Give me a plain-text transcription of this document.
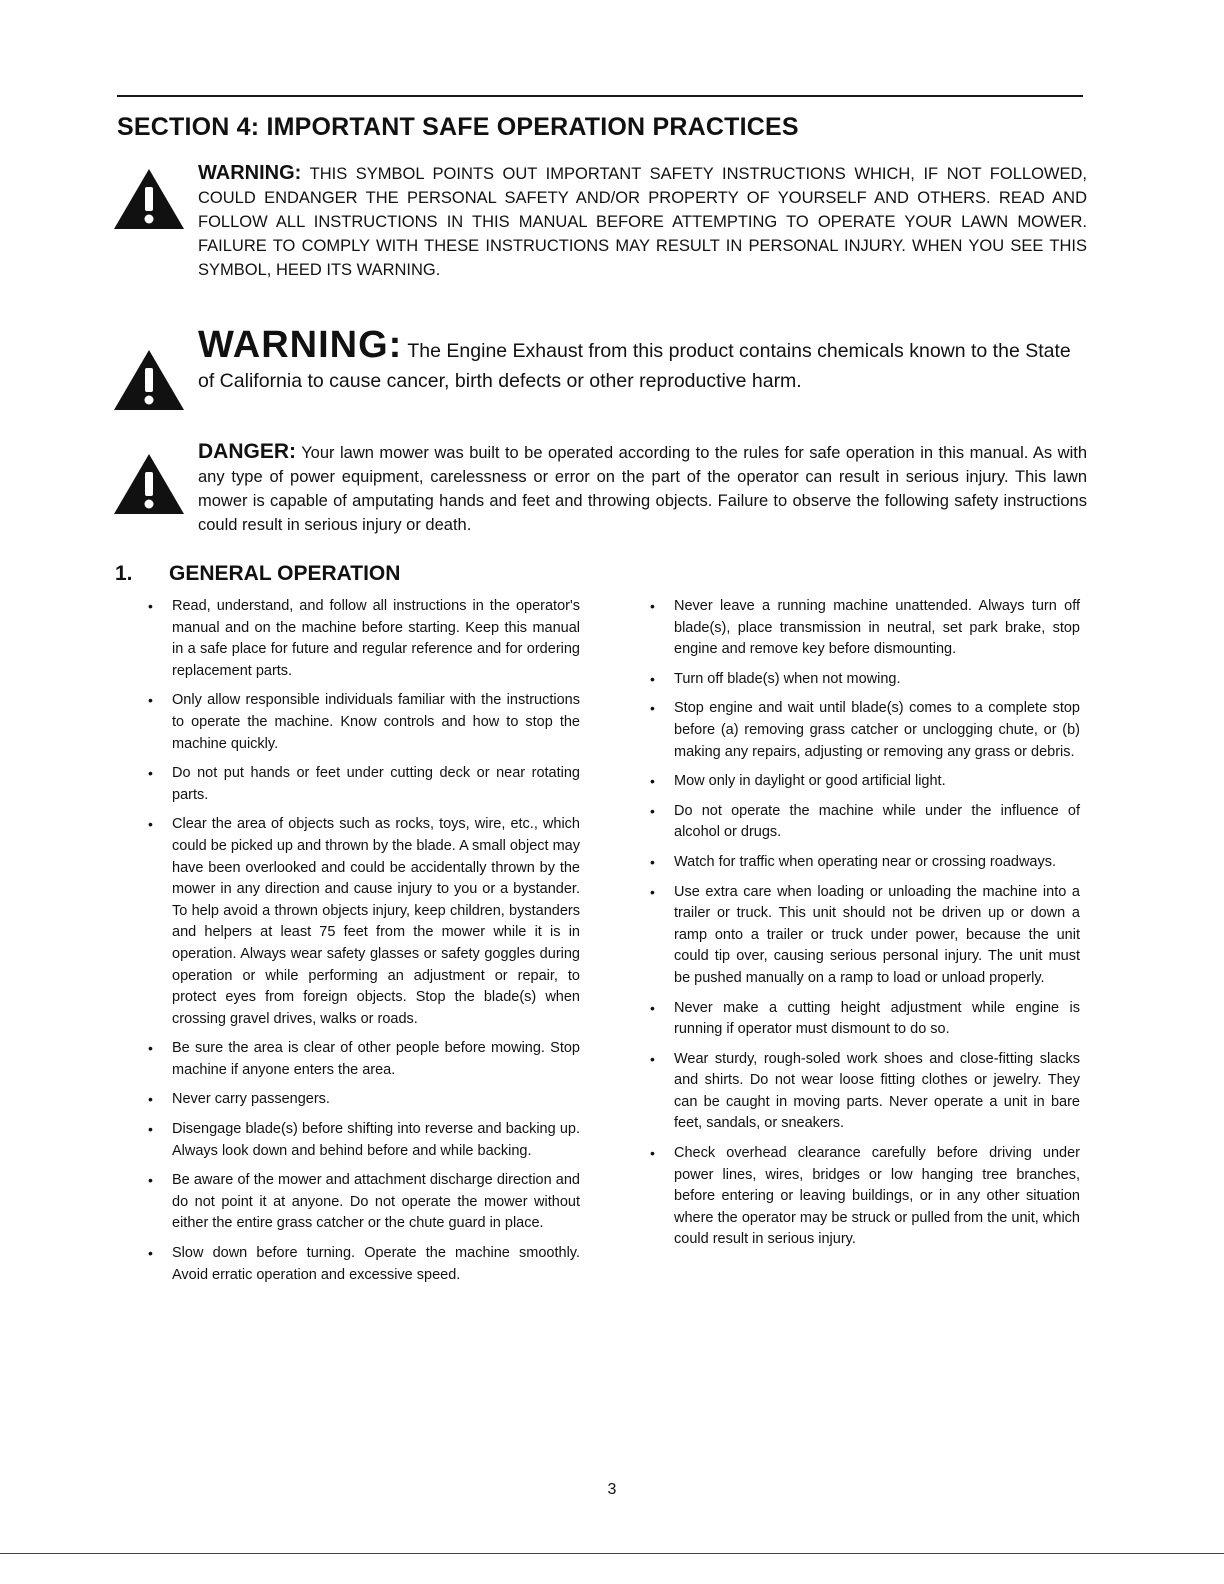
SECTION 4: IMPORTANT SAFE OPERATION PRACTICES
WARNING: THIS SYMBOL POINTS OUT IMPORTANT SAFETY INSTRUCTIONS WHICH, IF NOT FOLLOWED, COULD ENDANGER THE PERSONAL SAFETY AND/OR PROPERTY OF YOURSELF AND OTHERS. READ AND FOLLOW ALL INSTRUCTIONS IN THIS MANUAL BEFORE ATTEMPTING TO OPERATE YOUR LAWN MOWER. FAILURE TO COMPLY WITH THESE INSTRUCTIONS MAY RESULT IN PERSONAL INJURY. WHEN YOU SEE THIS SYMBOL, HEED ITS WARNING.
WARNING: The Engine Exhaust from this product contains chemicals known to the State of California to cause cancer, birth defects or other reproductive harm.
DANGER: Your lawn mower was built to be operated according to the rules for safe operation in this manual. As with any type of power equipment, carelessness or error on the part of the operator can result in serious injury. This lawn mower is capable of amputating hands and feet and throwing objects. Failure to observe the following safety instructions could result in serious injury or death.
1. GENERAL OPERATION
• Read, understand, and follow all instructions in the operator's manual and on the machine before starting. Keep this manual in a safe place for future and regular reference and for ordering replacement parts.
• Only allow responsible individuals familiar with the instructions to operate the machine. Know controls and how to stop the machine quickly.
• Do not put hands or feet under cutting deck or near rotating parts.
• Clear the area of objects such as rocks, toys, wire, etc., which could be picked up and thrown by the blade. A small object may have been overlooked and could be accidentally thrown by the mower in any direction and cause injury to you or a bystander. To help avoid a thrown objects injury, keep children, bystanders and helpers at least 75 feet from the mower while it is in operation. Always wear safety glasses or safety goggles during operation or while performing an adjustment or repair, to protect eyes from foreign objects. Stop the blade(s) when crossing gravel drives, walks or roads.
• Be sure the area is clear of other people before mowing. Stop machine if anyone enters the area.
• Never carry passengers.
• Disengage blade(s) before shifting into reverse and backing up. Always look down and behind before and while backing.
• Be aware of the mower and attachment discharge direction and do not point it at anyone. Do not operate the mower without either the entire grass catcher or the chute guard in place.
• Slow down before turning. Operate the machine smoothly. Avoid erratic operation and excessive speed.
• Never leave a running machine unattended. Always turn off blade(s), place transmission in neutral, set park brake, stop engine and remove key before dismounting.
• Turn off blade(s) when not mowing.
• Stop engine and wait until blade(s) comes to a complete stop before (a) removing grass catcher or unclogging chute, or (b) making any repairs, adjusting or removing any grass or debris.
• Mow only in daylight or good artificial light.
• Do not operate the machine while under the influence of alcohol or drugs.
• Watch for traffic when operating near or crossing roadways.
• Use extra care when loading or unloading the machine into a trailer or truck. This unit should not be driven up or down a ramp onto a trailer or truck under power, because the unit could tip over, causing serious personal injury. The unit must be pushed manually on a ramp to load or unload properly.
• Never make a cutting height adjustment while engine is running if operator must dismount to do so.
• Wear sturdy, rough-soled work shoes and close-fitting slacks and shirts. Do not wear loose fitting clothes or jewelry. They can be caught in moving parts. Never operate a unit in bare feet, sandals, or sneakers.
• Check overhead clearance carefully before driving under power lines, wires, bridges or low hanging tree branches, before entering or leaving buildings, or in any other situation where the operator may be struck or pulled from the unit, which could result in serious injury.
3
